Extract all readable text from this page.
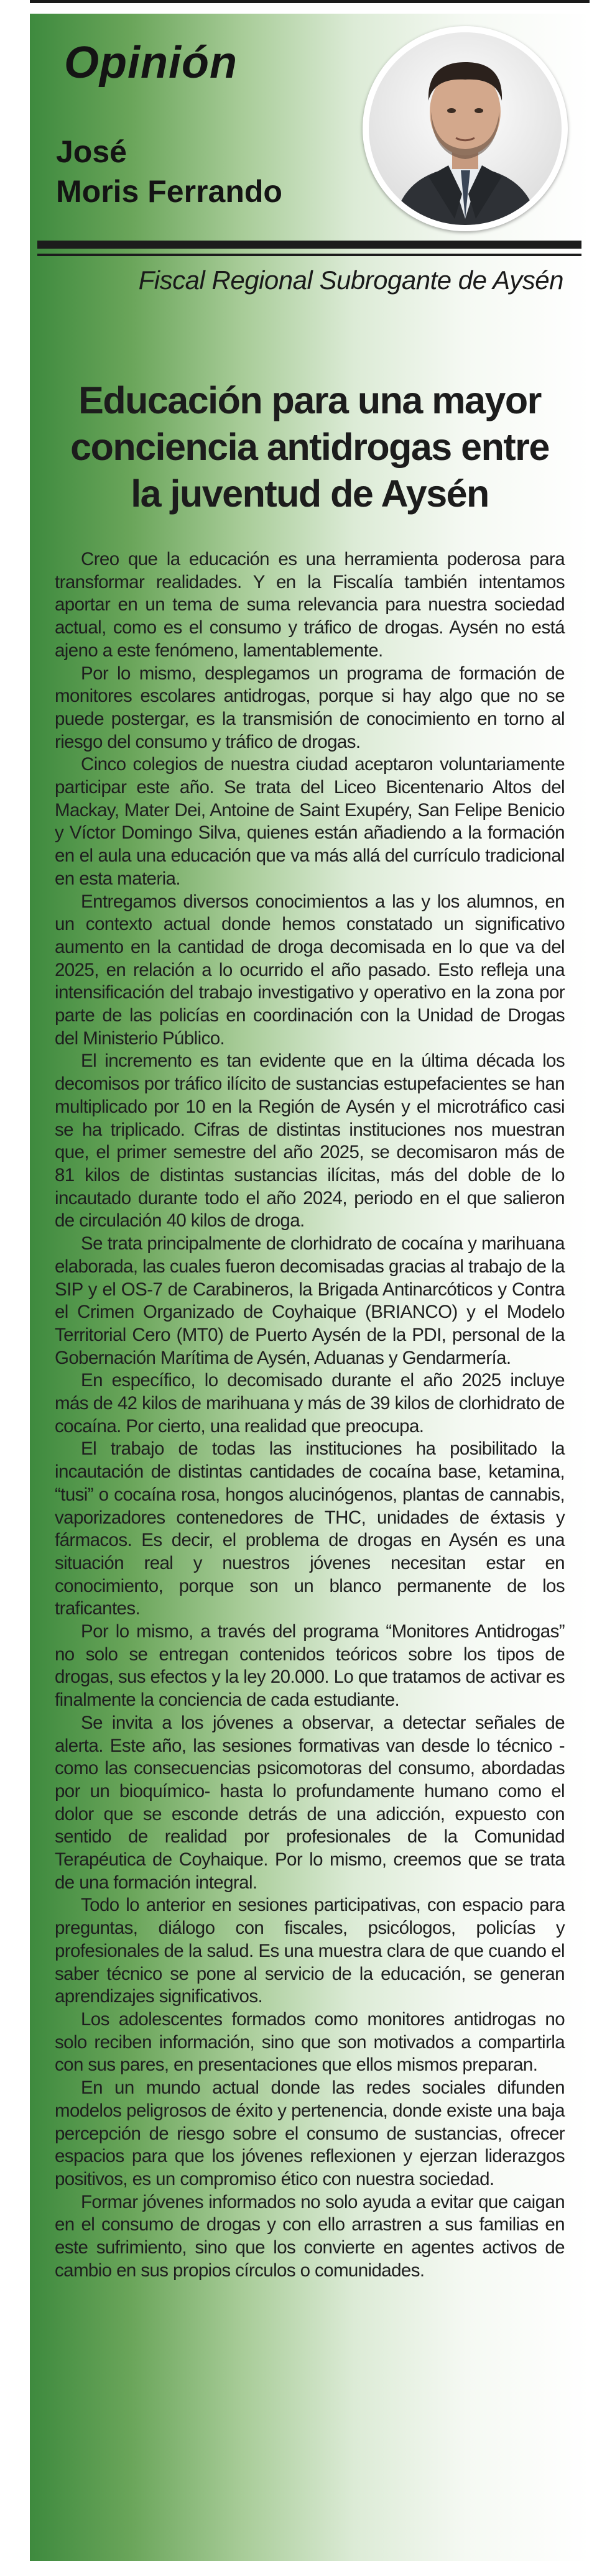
Opinión
José
Moris Ferrando

Fiscal Regional Subrogante de Aysén

Educación para una mayor conciencia antidrogas entre la juventud de Aysén

Creo que la educación es una herramienta poderosa para transformar realidades. Y en la Fiscalía también intentamos aportar en un tema de suma relevancia para nuestra sociedad actual, como es el consumo y tráfico de drogas. Aysén no está ajeno a este fenómeno, lamentablemente.

Por lo mismo, desplegamos un programa de formación de monitores escolares antidrogas, porque si hay algo que no se puede postergar, es la transmisión de conocimiento en torno al riesgo del consumo y tráfico de drogas.

Cinco colegios de nuestra ciudad aceptaron voluntariamente participar este año. Se trata del Liceo Bicentenario Altos del Mackay, Mater Dei, Antoine de Saint Exupéry, San Felipe Benicio y Víctor Domingo Silva, quienes están añadiendo a la formación en el aula una educación que va más allá del currículo tradicional en esta materia.

Entregamos diversos conocimientos a las y los alumnos, en un contexto actual donde hemos constatado un significativo aumento en la cantidad de droga decomisada en lo que va del 2025, en relación a lo ocurrido el año pasado. Esto refleja una intensificación del trabajo investigativo y operativo en la zona por parte de las policías en coordinación con la Unidad de Drogas del Ministerio Público.

El incremento es tan evidente que en la última década los decomisos por tráfico ilícito de sustancias estupefacientes se han multiplicado por 10 en la Región de Aysén y el microtráfico casi se ha triplicado. Cifras de distintas instituciones nos muestran que, el primer semestre del año 2025, se decomisaron más de 81 kilos de distintas sustancias ilícitas, más del doble de lo incautado durante todo el año 2024, periodo en el que salieron de circulación 40 kilos de droga.

Se trata principalmente de clorhidrato de cocaína y marihuana elaborada, las cuales fueron decomisadas gracias al trabajo de la SIP y el OS-7 de Carabineros, la Brigada Antinarcóticos y Contra el Crimen Organizado de Coyhaique (BRIANCO) y el Modelo Territorial Cero (MT0) de Puerto Aysén de la PDI, personal de la Gobernación Marítima de Aysén, Aduanas y Gendarmería.

En específico, lo decomisado durante el año 2025 incluye más de 42 kilos de marihuana y más de 39 kilos de clorhidrato de cocaína. Por cierto, una realidad que preocupa.

El trabajo de todas las instituciones ha posibilitado la incautación de distintas cantidades de cocaína base, ketamina, “tusi” o cocaína rosa, hongos alucinógenos, plantas de cannabis, vaporizadores contenedores de THC, unidades de éxtasis y fármacos. Es decir, el problema de drogas en Aysén es una situación real y nuestros jóvenes necesitan estar en conocimiento, porque son un blanco permanente de los traficantes.

Por lo mismo, a través del programa “Monitores Antidrogas” no solo se entregan contenidos teóricos sobre los tipos de drogas, sus efectos y la ley 20.000. Lo que tratamos de activar es finalmente la conciencia de cada estudiante.

Se invita a los jóvenes a observar, a detectar señales de alerta. Este año, las sesiones formativas van desde lo técnico -como las consecuencias psicomotoras del consumo, abordadas por un bioquímico- hasta lo profundamente humano como el dolor que se esconde detrás de una adicción, expuesto con sentido de realidad por profesionales de la Comunidad Terapéutica de Coyhaique. Por lo mismo, creemos que se trata de una formación integral.

Todo lo anterior en sesiones participativas, con espacio para preguntas, diálogo con fiscales, psicólogos, policías y profesionales de la salud. Es una muestra clara de que cuando el saber técnico se pone al servicio de la educación, se generan aprendizajes significativos.

Los adolescentes formados como monitores antidrogas no solo reciben información, sino que son motivados a compartirla con sus pares, en presentaciones que ellos mismos preparan.

En un mundo actual donde las redes sociales difunden modelos peligrosos de éxito y pertenencia, donde existe una baja percepción de riesgo sobre el consumo de sustancias, ofrecer espacios para que los jóvenes reflexionen y ejerzan liderazgos positivos, es un compromiso ético con nuestra sociedad.

Formar jóvenes informados no solo ayuda a evitar que caigan en el consumo de drogas y con ello arrastren a sus familias en este sufrimiento, sino que los convierte en agentes activos de cambio en sus propios círculos o comunidades.
